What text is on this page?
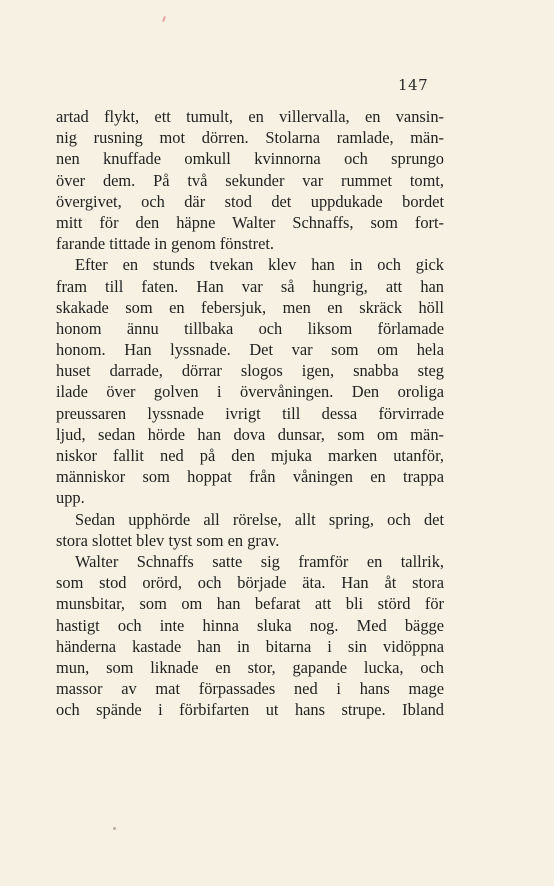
147
artad flykt, ett tumult, en villervalla, en vansin-
nig rusning mot dörren. Stolarna ramlade, män-
nen knuffade omkull kvinnorna och sprungo
över dem. På två sekunder var rummet tomt,
övergivet, och där stod det uppdukade bordet
mitt för den häpne Walter Schnaffs, som fort-
farande tittade in genom fönstret.
Efter en stunds tvekan klev han in och gick
fram till faten. Han var så hungrig, att han
skakade som en febersjuk, men en skräck höll
honom ännu tillbaka och liksom förlamade
honom. Han lyssnade. Det var som om hela
huset darrade, dörrar slogos igen, snabba steg
ilade över golven i övervåningen. Den oroliga
preussaren lyssnade ivrigt till dessa förvirrade
ljud, sedan hörde han dova dunsar, som om män-
niskor fallit ned på den mjuka marken utanför,
människor som hoppat från våningen en trappa
upp.
Sedan upphörde all rörelse, allt spring, och det
stora slottet blev tyst som en grav.
Walter Schnaffs satte sig framför en tallrik,
som stod orörd, och började äta. Han åt stora
munsbitar, som om han befarat att bli störd för
hastigt och inte hinna sluka nog. Med bägge
händerna kastade han in bitarna i sin vidöppna
mun, som liknade en stor, gapande lucka, och
massor av mat förpassades ned i hans mage
och spände i förbifarten ut hans strupe. Ibland
